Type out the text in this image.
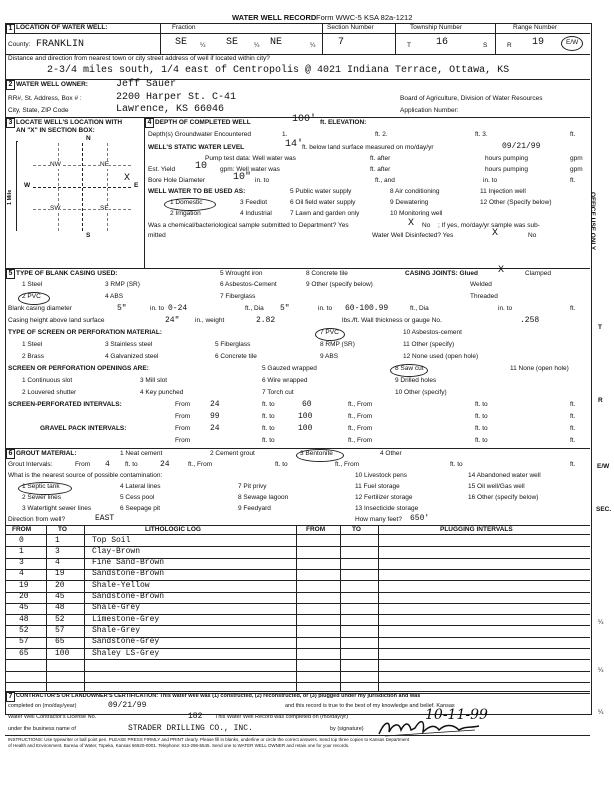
WATER WELL RECORD Form WWC-5 KSA 82a-1212
1 LOCATION OF WATER WELL:	Fraction	Section Number	Township Number	Range Number
County: FRANKLIN	SE ¼ SE ¼ NE	¼ 7	T	16	S	R 19	E/W
Distance and direction from nearest town or city street address of well if located within city?
2-3/4 miles south, 1/4 east of Centropolis @ 4021 Indiana Terrace, Ottawa, KS
2 WATER WELL OWNER:	Jeff Sauer
RR#, St. Address, Box # :	2200 Harper St. C-41	Board of Agriculture, Division of Water Resources
City, State, ZIP Code	Lawrence, KS 66046	Application Number:
3 LOCATE WELL'S LOCATION WITH
AN "X" IN SECTION BOX:
N
S
W	E
1 Mile
NW	NE
SW	SE
X
4 DEPTH OF COMPLETED WELL	100' ft. ELEVATION:
Depth(s) Groundwater Encountered	1.	ft. 2.	ft. 3.	ft.
WELL'S STATIC WATER LEVEL	14'
ft. below land surface measured on mo/day/yr	09/21/99
Pump test data: Well water was	ft. after	hours pumping	gpm
Est. Yield 10 gpm: Well water was	ft. after	hours pumping	gpm
Bore Hole Diameter	10" in. to	ft., and	in. to	ft.
WELL WATER TO BE USED AS:	5 Public water supply	8 Air conditioning	11 Injection well
1 Domestic	3 Feedlot	6 Oil field water supply	9 Dewatering	12 Other (Specify below)
2 Irrigation	4 Industrial	7 Lawn and garden only	10 Monitoring well
Was a chemical/bacteriological sample submitted to Department? Yes	X No ; If yes, mo/day/yr sample was sub-
mitted	Water Well Disinfected? Yes	X	No	OFFICE USE ONLY
5 TYPE OF BLANK CASING USED:	5 Wrought iron	8 Concrete tile	CASING JOINTS: Glued X	Clamped
1 Steel	3 RMP (SR)	6 Asbestos-Cement	9 Other (specify below)	Welded
2 PVC	4 ABS	7 Fiberglass	Threaded
Blank casing diameter	5"	in. to 0-24	ft., Dia 5"	in. to 60-100.99	ft., Dia	in. to	ft.
Casing height above land surface	24" in., weight	2.82	lbs./ft. Wall thickness or gauge No.	.258
TYPE OF SCREEN OR PERFORATION MATERIAL:	7 PVC	10 Asbestos-cement
1 Steel	3 Stainless steel	5 Fiberglass	8 RMP (SR)	11 Other (specify)
2 Brass	4 Galvanized steel	6 Concrete tile	9 ABS	12 None used (open hole)
SCREEN OR PERFORATION OPENINGS ARE:	5 Gauzed wrapped	8 Saw cut	11 None (open hole)
1 Continuous slot	3 Mill slot	6 Wire wrapped	9 Drilled holes
2 Louvered shutter	4 Key punched	7 Torch cut	10 Other (specify)
SCREEN-PERFORATED INTERVALS:	From 24	ft. to	60	ft., From	ft. to	ft.
From 99	ft. to	100	ft., From	ft. to	ft.
GRAVEL PACK INTERVALS:	From 24	ft. to	100	ft., From	ft. to	ft.
From	ft. to	ft., From	ft. to	ft.
6 GROUT MATERIAL:	1 Neat cement	2 Cement grout	3 Bentonite	4 Other
Grout Intervals:	From 4 ft. to	24	ft., From	ft. to	ft., From	ft. to	ft.
What is the nearest source of possible contamination:	10 Livestock pens	14 Abandoned water well
1 Septic tank	4 Lateral lines	7 Pit privy	11 Fuel storage	15 Oil well/Gas well
2 Sewer lines	5 Cess pool	8 Sewage lagoon	12 Fertilizer storage	16 Other (specify below)
3 Watertight sewer lines	6 Seepage pit	9 Feedyard	13 Insecticide storage
Direction from well?	EAST	How many feet? 650'
FROM	TO	LITHOLOGIC LOG	FROM	TO	PLUGGING INTERVALS
0	1	Top Soil
1	3	Clay-Brown
3	4	Fine Sand-Brown
4	19	Sandstone-Brown
19	20	Shale-Yellow
20	45	Sandstone-Brown
45	48	Shale-Grey
48	52	Limestone-Grey
52	57	Shale-Grey
57	65	Sandstone-Grey
65	100	Shaley LS-Grey
7 CONTRACTOR'S OR LANDOWNER'S CERTIFICATION: This water well was (1) constructed, (2) reconstructed, or (3) plugged under my jurisdiction and was
completed on (mo/day/year)	09/21/99	and this record is true to the best of my knowledge and belief. Kansas
Water Well Contractor's License No.	182 This Water Well Record was completed on (mo/day/yr)	10-11-99
under the business name of	STRADER DRILLING CO., INC.	by (signature)
INSTRUCTIONS: Use typewriter or ball point pen. PLEASE PRESS FIRMLY and PRINT clearly. Please fill in blanks, underline or circle the correct answers. Send top three copies to Kansas Department
of Health and Environment, Bureau of Water, Topeka, Kansas 66620-0001. Telephone: 913-296-5545. Send one to WATER WELL OWNER and retain one for your records.
T
R
E/W
SEC.
¼
¼
¼
